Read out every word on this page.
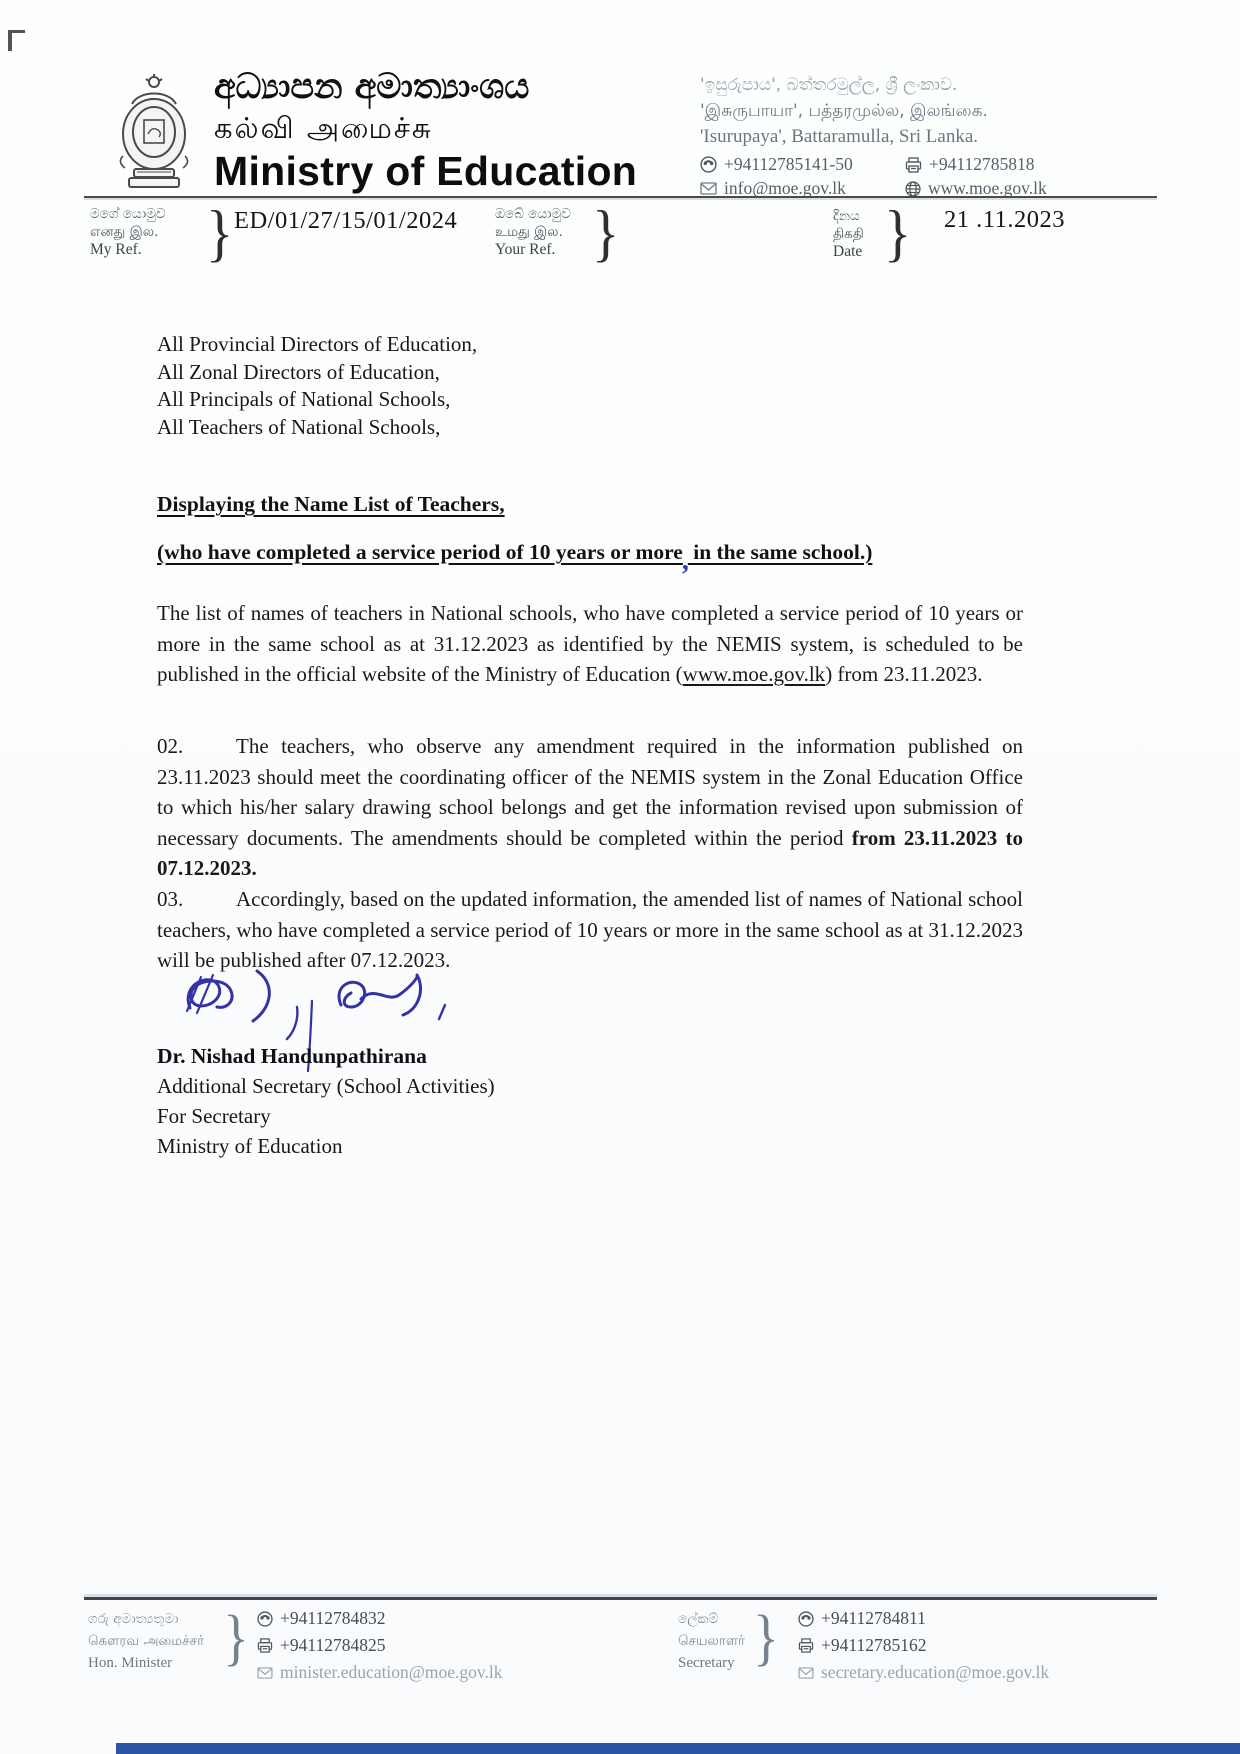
අධ්‍යාපන අමාත්‍යාංශය
கல்வி அமைச்சு
Ministry of Education
'ඉසුරුපාය', බත්තරමුල්ල, ශ්‍රී ලංකාව.
'இசுருபாயா', பத்தரமுல்ல, இலங்கை.
'Isurupaya', Battaramulla, Sri Lanka.
+94112785141-50	+94112785818
info@moe.gov.lk	www.moe.gov.lk
මගේ යොමුව
எனது இல.
My Ref.	} ED/01/27/15/01/2024	ඔබේ යොමුව
உமது இல.
Your Ref. }	දිනය
திகதி
Date } 21 .11.2023
All Provincial Directors of Education,
All Zonal Directors of Education,
All Principals of National Schools,
All Teachers of National Schools,
Displaying the Name List of Teachers,
(who have completed a service period of 10 years or more, in the same school.)
The list of names of teachers in National schools, who have completed a service period of 10 years or more in the same school as at 31.12.2023 as identified by the NEMIS system, is scheduled to be published in the official website of the Ministry of Education (www.moe.gov.lk) from 23.11.2023.
02.	The teachers, who observe any amendment required in the information published on 23.11.2023 should meet the coordinating officer of the NEMIS system in the Zonal Education Office to which his/her salary drawing school belongs and get the information revised upon submission of necessary documents. The amendments should be completed within the period from 23.11.2023 to 07.12.2023.
03.	Accordingly, based on the updated information, the amended list of names of National school teachers, who have completed a service period of 10 years or more in the same school as at 31.12.2023 will be published after 07.12.2023.
Dr. Nishad Handunpathirana
Additional Secretary (School Activities)
For Secretary
Ministry of Education
ගරු අමාත්‍යතුමා
கௌரவ அமைச்சர்
Hon. Minister } +94112784832
+94112784825
minister.education@moe.gov.lk
ලේකම්
செயலாளர்
Secretary } +94112784811
+94112785162
secretary.education@moe.gov.lk
